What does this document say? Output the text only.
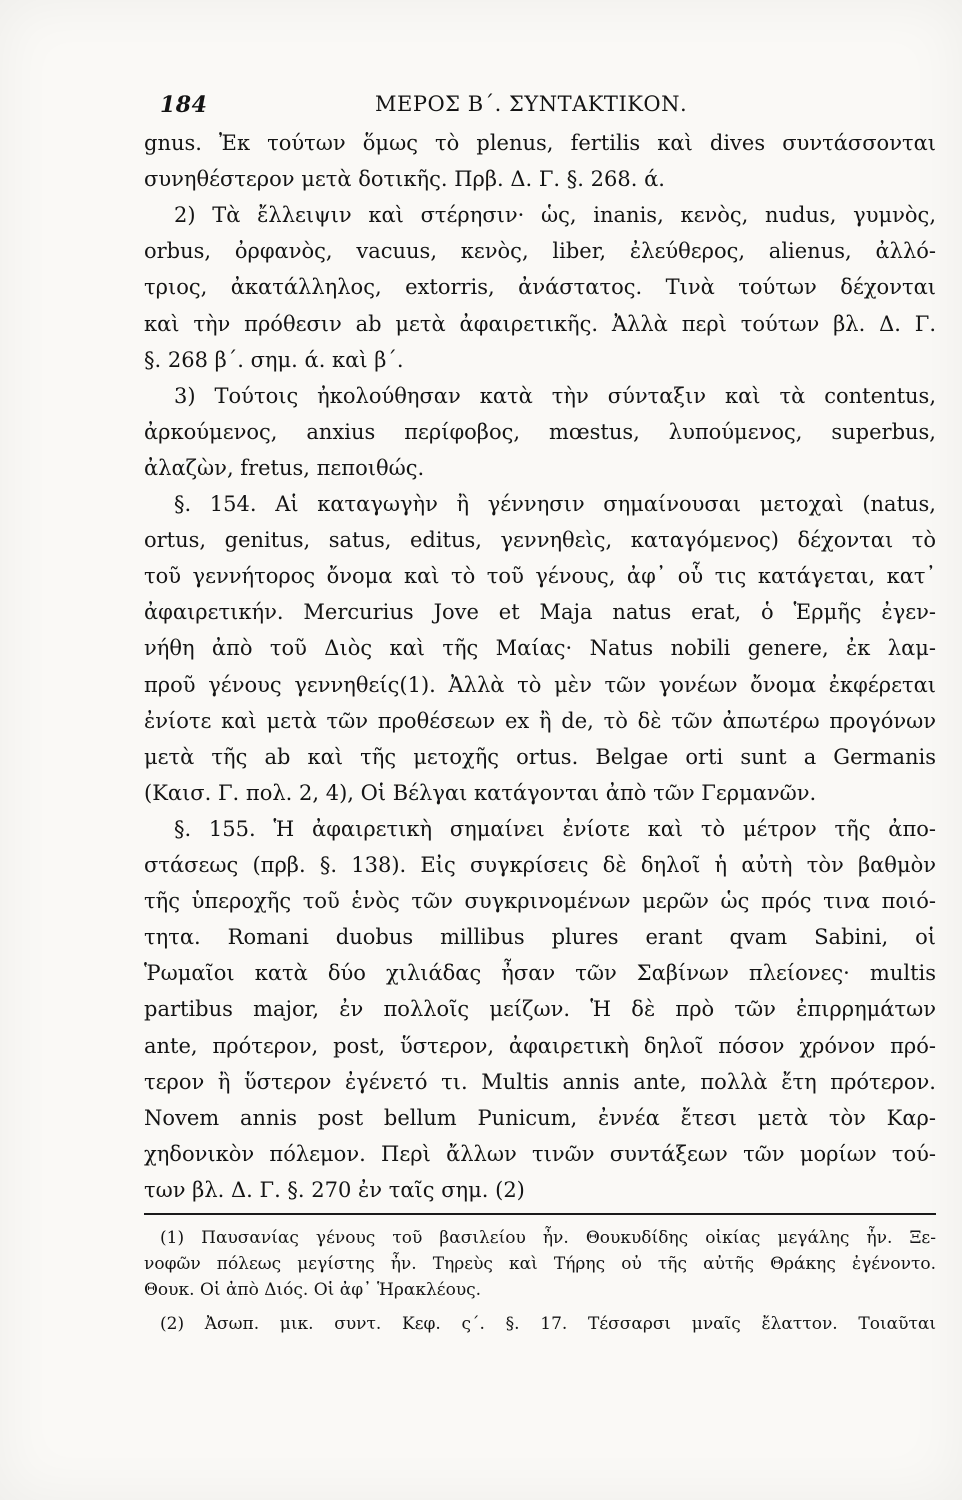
184	ΜΕΡΟΣ Β΄. ΣΥΝΤΑΚΤΙΚΟΝ.
gnus. Ἐκ τούτων ὅμως τὸ plenus, fertilis καὶ dives συντάσσονται
συνηθέστερον μετὰ δοτικῆς. Πρβ. Δ. Γ. §. 268. ά.
2) Τὰ ἔλλειψιν καὶ στέρησιν· ὡς, inanis, κενὸς, nudus, γυμνὸς,
orbus, ὀρφανὸς, vacuus, κενὸς, liber, ἐλεύθερος, alienus, ἀλλό-
τριος, ἀκατάλληλος, extorris, ἀνάστατος. Τινὰ τούτων δέχονται
καὶ τὴν πρόθεσιν ab μετὰ ἀφαιρετικῆς. Ἀλλὰ περὶ τούτων βλ. Δ. Γ.
§. 268 β΄. σημ. ά. καὶ β΄.
3) Τούτοις ἠκολούθησαν κατὰ τὴν σύνταξιν καὶ τὰ contentus,
ἀρκούμενος, anxius περίφοβος, mœstus, λυπούμενος, superbus,
ἀλαζὼν, fretus, πεποιθώς.
§. 154. Αἱ καταγωγὴν ἢ γέννησιν σημαίνουσαι μετοχαὶ (natus,
ortus, genitus, satus, editus, γεννηθεὶς, καταγόμενος) δέχονται τὸ
τοῦ γεννήτορος ὄνομα καὶ τὸ τοῦ γένους, ἀφ᾽ οὗ τις κατάγεται, κατ᾽
ἀφαιρετικήν. Mercurius Jove et Maja natus erat, ὁ Ἑρμῆς ἐγεν-
νήθη ἀπὸ τοῦ Διὸς καὶ τῆς Μαίας· Natus nobili genere, ἐκ λαμ-
προῦ γένους γεννηθείς(1). Ἀλλὰ τὸ μὲν τῶν γονέων ὄνομα ἐκφέρεται
ἐνίοτε καὶ μετὰ τῶν προθέσεων ex ἢ de, τὸ δὲ τῶν ἀπωτέρω προγόνων
μετὰ τῆς ab καὶ τῆς μετοχῆς ortus. Belgae orti sunt a Germanis
(Καισ. Γ. πολ. 2, 4), Οἱ Βέλγαι κατάγονται ἀπὸ τῶν Γερμανῶν.
§. 155. Ἡ ἀφαιρετικὴ σημαίνει ἐνίοτε καὶ τὸ μέτρον τῆς ἀπο-
στάσεως (πρβ. §. 138). Εἰς συγκρίσεις δὲ δηλοῖ ἡ αὐτὴ τὸν βαθμὸν
τῆς ὑπεροχῆς τοῦ ἑνὸς τῶν συγκρινομένων μερῶν ὡς πρός τινα ποιό-
τητα. Romani duobus millibus plures erant qvam Sabini, οἱ
Ῥωμαῖοι κατὰ δύο χιλιάδας ἦσαν τῶν Σαβίνων πλείονες· multis
partibus major, ἐν πολλοῖς μείζων. Ἡ δὲ πρὸ τῶν ἐπιρρημάτων
ante, πρότερον, post, ὕστερον, ἀφαιρετικὴ δηλοῖ πόσον χρόνον πρό-
τερον ἢ ὕστερον ἐγένετό τι. Multis annis ante, πολλὰ ἔτη πρότερον.
Novem annis post bellum Punicum, ἐννέα ἔτεσι μετὰ τὸν Καρ-
χηδονικὸν πόλεμον. Περὶ ἄλλων τινῶν συντάξεων τῶν μορίων τού-
των βλ. Δ. Γ. §. 270 ἐν ταῖς σημ. (2)
(1) Παυσανίας γένους τοῦ βασιλείου ἦν. Θουκυδίδης οἰκίας μεγάλης ἦν. Ξε-
νοφῶν πόλεως μεγίστης ἦν. Τηρεὺς καὶ Τήρης οὐ τῆς αὐτῆς Θράκης ἐγένοντο.
Θουκ. Οἱ ἀπὸ Διός. Οἱ ἀφ᾽ Ἡρακλέους.
(2) Ἀσωπ. μικ. συντ. Κεφ. ς΄. §. 17. Τέσσαρσι μναῖς ἔλαττον. Τοιαῦται
